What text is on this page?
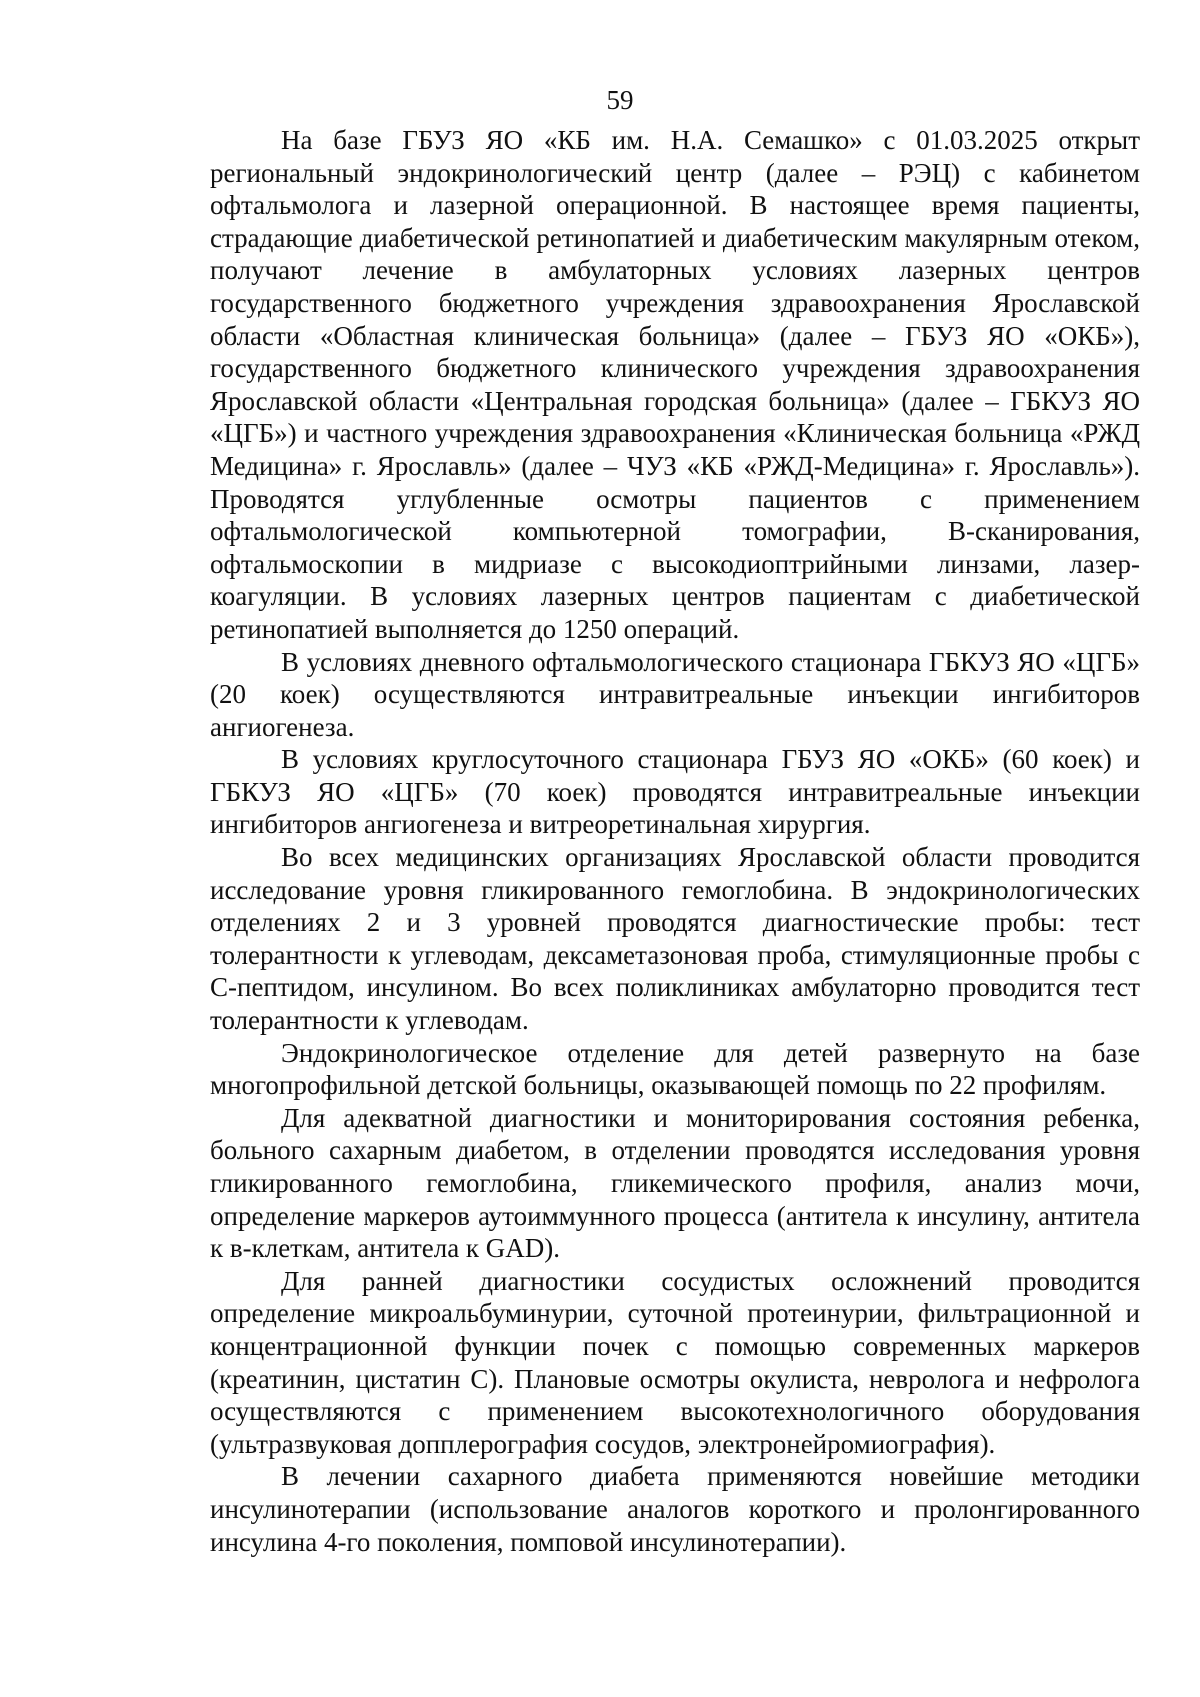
59

На базе ГБУЗ ЯО «КБ им. Н.А. Семашко» с 01.03.2025 открыт региональный эндокринологический центр (далее – РЭЦ) с кабинетом офтальмолога и лазерной операционной. В настоящее время пациенты, страдающие диабетической ретинопатией и диабетическим макулярным отеком, получают лечение в амбулаторных условиях лазерных центров государственного бюджетного учреждения здравоохранения Ярославской области «Областная клиническая больница» (далее – ГБУЗ ЯО «ОКБ»), государственного бюджетного клинического учреждения здравоохранения Ярославской области «Центральная городская больница» (далее – ГБКУЗ ЯО «ЦГБ») и частного учреждения здравоохранения «Клиническая больница «РЖД Медицина» г. Ярославль» (далее – ЧУЗ «КБ «РЖД-Медицина» г. Ярославль»). Проводятся углубленные осмотры пациентов с применением офтальмологической компьютерной томографии, В-сканирования, офтальмоскопии в мидриазе с высокодиоптрийными линзами, лазер-коагуляции. В условиях лазерных центров пациентам с диабетической ретинопатией выполняется до 1250 операций.

В условиях дневного офтальмологического стационара ГБКУЗ ЯО «ЦГБ» (20 коек) осуществляются интравитреальные инъекции ингибиторов ангиогенеза.

В условиях круглосуточного стационара ГБУЗ ЯО «ОКБ» (60 коек) и ГБКУЗ ЯО «ЦГБ» (70 коек) проводятся интравитреальные инъекции ингибиторов ангиогенеза и витреоретинальная хирургия.

Во всех медицинских организациях Ярославской области проводится исследование уровня гликированного гемоглобина. В эндокринологических отделениях 2 и 3 уровней проводятся диагностические пробы: тест толерантности к углеводам, дексаметазоновая проба, стимуляционные пробы с С-пептидом, инсулином. Во всех поликлиниках амбулаторно проводится тест толерантности к углеводам.

Эндокринологическое отделение для детей развернуто на базе многопрофильной детской больницы, оказывающей помощь по 22 профилям.

Для адекватной диагностики и мониторирования состояния ребенка, больного сахарным диабетом, в отделении проводятся исследования уровня гликированного гемоглобина, гликемического профиля, анализ мочи, определение маркеров аутоиммунного процесса (антитела к инсулину, антитела к в-клеткам, антитела к GAD).

Для ранней диагностики сосудистых осложнений проводится определение микроальбуминурии, суточной протеинурии, фильтрационной и концентрационной функции почек с помощью современных маркеров (креатинин, цистатин С). Плановые осмотры окулиста, невролога и нефролога осуществляются с применением высокотехнологичного оборудования (ультразвуковая допплерография сосудов, электронейромиография).

В лечении сахарного диабета применяются новейшие методики инсулинотерапии (использование аналогов короткого и пролонгированного инсулина 4-го поколения, помповой инсулинотерапии).
